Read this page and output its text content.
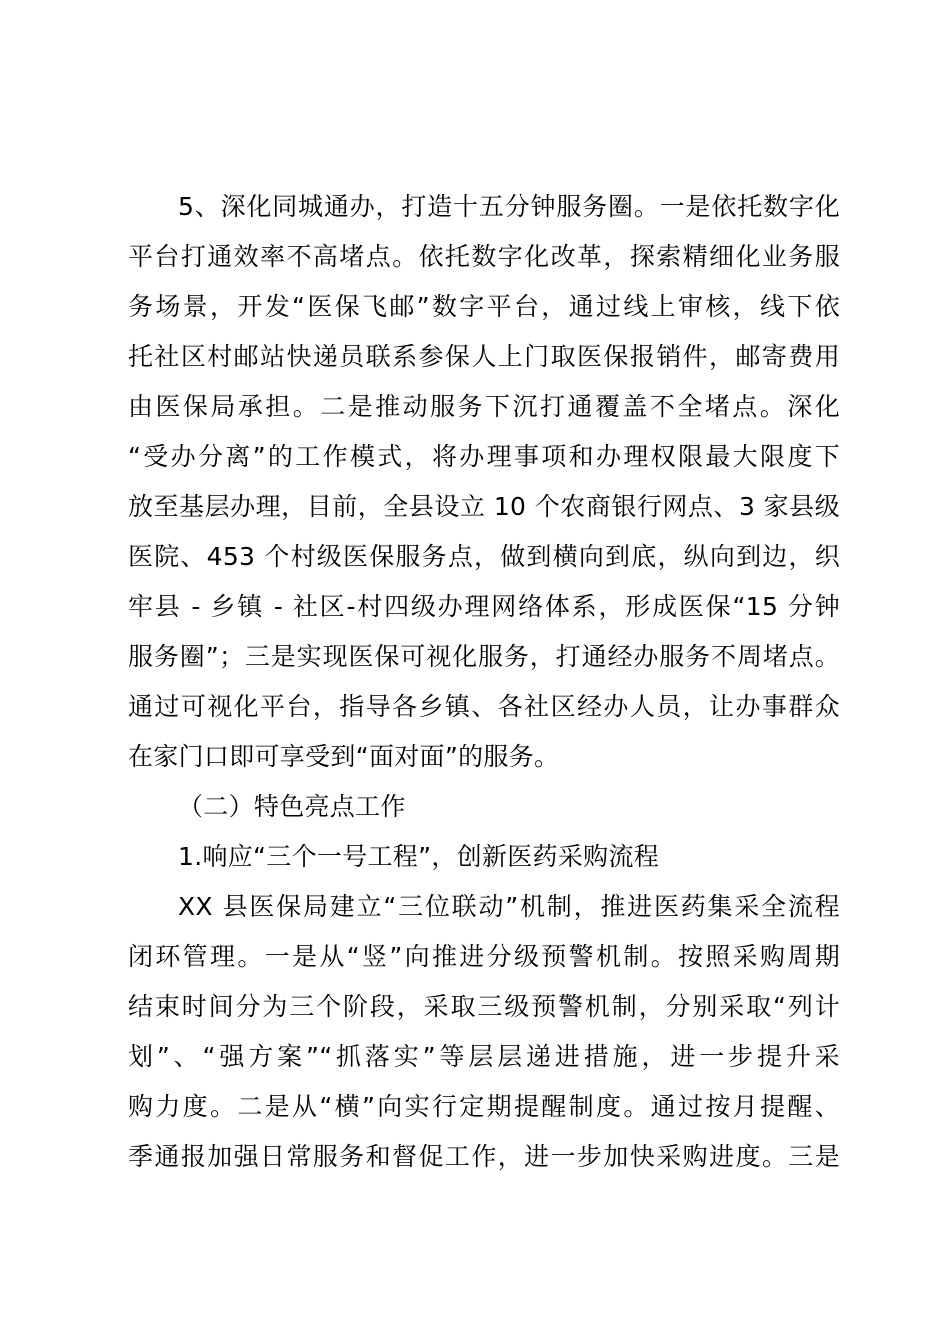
5、深化同城通办，打造十五分钟服务圈。一是依托数字化
平台打通效率不高堵点。依托数字化改革，探索精细化业务服
务场景，开发“医保飞邮”数字平台，通过线上审核，线下依
托社区村邮站快递员联系参保人上门取医保报销件，邮寄费用
由医保局承担。二是推动服务下沉打通覆盖不全堵点。深化
“受办分离”的工作模式，将办理事项和办理权限最大限度下
放至基层办理，目前，全县设立 10 个农商银行网点、3 家县级
医院、453 个村级医保服务点，做到横向到底，纵向到边，织
牢县 - 乡镇 - 社区-村四级办理网络体系，形成医保“15 分钟
服务圈”；三是实现医保可视化服务，打通经办服务不周堵点。
通过可视化平台，指导各乡镇、各社区经办人员，让办事群众
在家门口即可享受到“面对面”的服务。
（二）特色亮点工作
1.响应“三个一号工程”，创新医药采购流程
XX 县医保局建立“三位联动”机制，推进医药集采全流程
闭环管理。一是从“竖”向推进分级预警机制。按照采购周期
结束时间分为三个阶段，采取三级预警机制，分别采取“列计
划”、“强方案”“抓落实”等层层递进措施，进一步提升采
购力度。二是从“横”向实行定期提醒制度。通过按月提醒、
季通报加强日常服务和督促工作，进一步加快采购进度。三是
